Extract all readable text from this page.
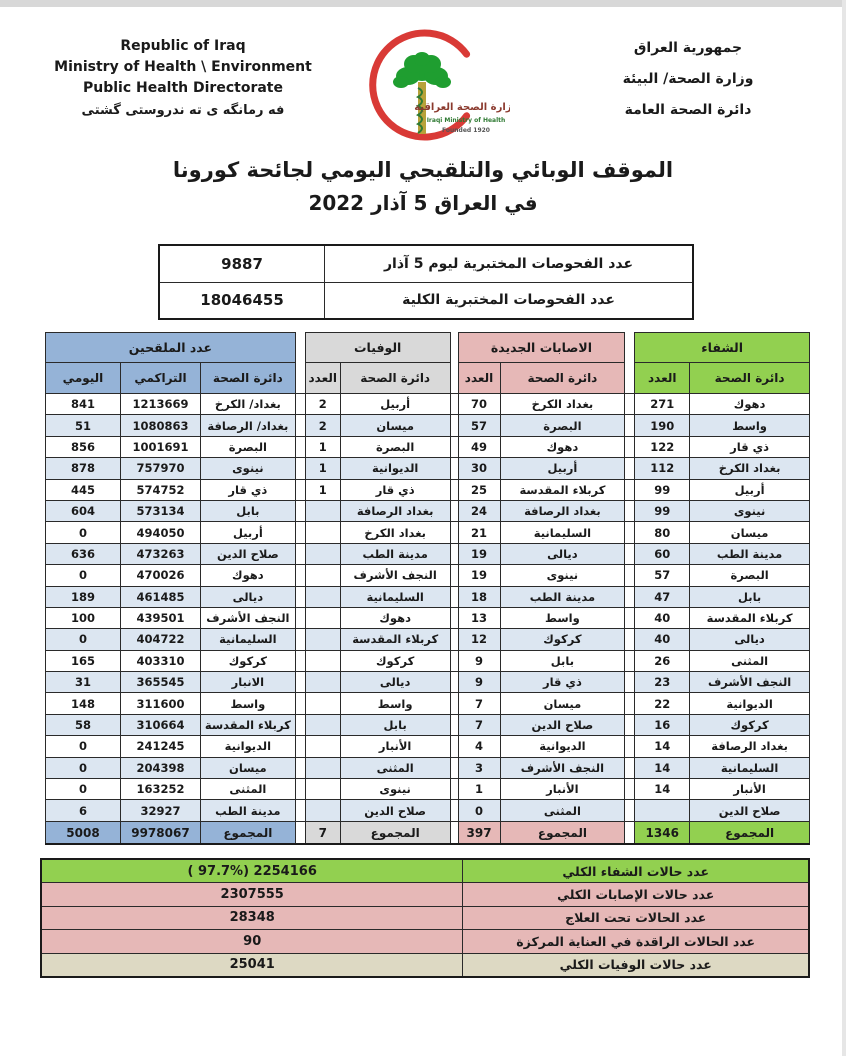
Republic of Iraq
Ministry of Health \ Environment
Public Health Directorate
فه رمانگه ی ته ندروستی گشتی	وزارة الصحة العراقية
Iraqi Ministry of Health
Founded 1920
جمهورية العراق
وزارة الصحة/ البيئة
دائرة الصحة العامة
الموقف الوبائي والتلقيحي اليومي لجائحة كورونا
في العراق 5 آذار 2022
عدد الفحوصات المختبرية ليوم 5 آذار	9887
عدد الفحوصات المختبرية الكلية	18046455
الشفاء			الاصابات الجديدة			الوفيات			عدد الملقحين		
دائرة الصحة	العدد		دائرة الصحة	العدد		دائرة الصحة	العدد		دائرة الصحة	التراكمي	اليومي
دهوك	271		بغداد الكرخ	70		أربيل	2		بغداد/ الكرخ	1213669	841
واسط	190		البصرة	57		ميسان	2		بغداد/ الرصافة	1080863	51
ذي قار	122		دهوك	49		البصرة	1		البصرة	1001691	856
بغداد الكرخ	112		أربيل	30		الديوانية	1		نينوى	757970	878
أربيل	99		كربلاء المقدسة	25		ذي قار	1		ذي قار	574752	445
نينوى	99		بغداد الرصافة	24		بغداد الرصافة			بابل	573134	604
ميسان	80		السليمانية	21		بغداد الكرخ			أربيل	494050	0
مدينة الطب	60		ديالى	19		مدينة الطب			صلاح الدين	473263	636
البصرة	57		نينوى	19		النجف الأشرف			دهوك	470026	0
بابل	47		مدينة الطب	18		السليمانية			ديالى	461485	189
كربلاء المقدسة	40		واسط	13		دهوك			النجف الأشرف	439501	100
ديالى	40		كركوك	12		كربلاء المقدسة			السليمانية	404722	0
المثنى	26		بابل	9		كركوك			كركوك	403310	165
النجف الأشرف	23		ذي قار	9		ديالى			الانبار	365545	31
الديوانية	22		ميسان	7		واسط			واسط	311600	148
كركوك	16		صلاح الدين	7		بابل			كربلاء المقدسة	310664	58
بغداد الرصافة	14		الديوانية	4		الأنبار			الديوانية	241245	0
السليمانية	14		النجف الأشرف	3		المثنى			ميسان	204398	0
الأنبار	14		الأنبار	1		نينوى			المثنى	163252	0
صلاح الدين			المثنى	0		صلاح الدين			مدينة الطب	32927	6
المجموع	1346		المجموع	397		المجموع	7		المجموع	9978067	5008
عدد حالات الشفاء الكلي	( 97.7%) 2254166
عدد حالات الإصابات الكلي	2307555
عدد الحالات تحت العلاج	28348
عدد الحالات الراقدة في العناية المركزة	90
عدد حالات الوفيات الكلي	25041
